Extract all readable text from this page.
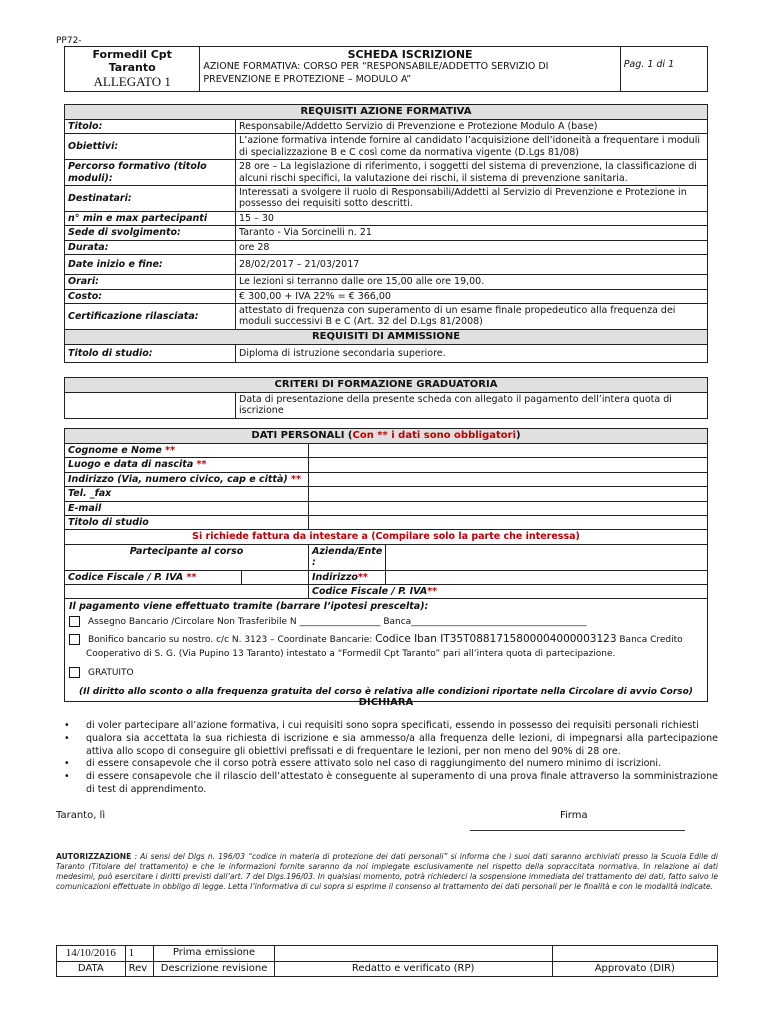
PP72-
Formedil Cpt
Taranto
ALLEGATO 1

SCHEDA ISCRIZIONE
AZIONE FORMATIVA: CORSO PER “RESPONSABILE/ADDETTO SERVIZIO DI PREVENZIONE E PROTEZIONE – MODULO A”
	Pag. 1 di 1
REQUISITI AZIONE FORMATIVA	
Titolo:	Responsabile/Addetto Servizio di Prevenzione e Protezione Modulo A (base)
Obiettivi:	L’azione formativa intende fornire al candidato l’acquisizione dell’idoneità a frequentare i moduli di specializzazione B e C così come da normativa vigente (D.Lgs 81/08)
Percorso formativo (titolo moduli):	28 ore – La legislazione di riferimento, i soggetti del sistema di prevenzione, la classificazione di alcuni rischi specifici, la valutazione dei rischi, il sistema di prevenzione sanitaria.
Destinatari:	Interessati a svolgere il ruolo di Responsabili/Addetti al Servizio di Prevenzione e Protezione in possesso dei requisiti sotto descritti.
n° min e max partecipanti	15 – 30
Sede di svolgimento:	Taranto - Via Sorcinelli n. 21
Durata:	ore 28
Date inizio e fine:	28/02/2017 – 21/03/2017
Orari:	Le lezioni si terranno dalle ore 15,00 alle ore 19,00.
Costo:	€ 300,00 + IVA 22% = € 366,00
Certificazione rilasciata:	attestato di frequenza con superamento di un esame finale propedeutico alla frequenza dei moduli successivi B e C (Art. 32 del D.Lgs 81/2008)
REQUISITI DI AMMISSIONE	
Titolo di studio:	Diploma di istruzione secondaria superiore.
CRITERI DI FORMAZIONE GRADUATORIA
	Data di presentazione della presente scheda con allegato il pagamento dell’intera quota di iscrizione
DATI PERSONALI (Con ** i dati sono obbligatori)			
Cognome e Nome **			
Luogo e data di nascita **			
Indirizzo (Via, numero civico, cap e città) **			
Tel. _fax			
E-mail			
Titolo di studio			
Si richiede fattura da intestare a (Compilare solo la parte che interessa)			
Partecipante al corso		Azienda/Ente :	
Codice Fiscale / P. IVA **		Indirizzo**	
		Codice Fiscale / P. IVA**	

Il pagamento viene effettuato tramite (barrare l’ipotesi prescelta):
Assegno Bancario /Circolare Non Trasferibile N __________________ Banca_______________________________________
Bonifico bancario su nostro. c/c N. 3123 – Coordinate Bancarie: Codice Iban IT35T0881715800004000003123 Banca Credito Cooperativo di S. G. (Via Pupino 13 Taranto) intestato a “Formedil Cpt Taranto” pari all’intera quota di partecipazione.
GRATUITO
(Il diritto allo sconto o alla frequenza gratuita del corso è relativa alle condizioni riportate nella Circolare di avvio Corso)			
DICHIARA
• di voler partecipare all’azione formativa, i cui requisiti sono sopra specificati, essendo in possesso dei requisiti personali richiesti
• qualora sia accettata la sua richiesta di iscrizione e sia ammesso/a alla frequenza delle lezioni, di impegnarsi alla partecipazione attiva allo scopo di conseguire gli obiettivi prefissati e di frequentare le lezioni, per non meno del 90% di 28 ore.
• di essere consapevole che il corso potrà essere attivato solo nel caso di raggiungimento del numero minimo di iscrizioni.
• di essere consapevole che il rilascio dell’attestato è conseguente al superamento di una prova finale attraverso la somministrazione di test di apprendimento.
Taranto, lì	Firma
AUTORIZZAZIONE : Ai sensi del Dlgs n. 196/03 “codice in materia di protezione dei dati personali” si informa che i suoi dati saranno archiviati presso la Scuola Edile di Taranto (Titolare del trattamento) e che le informazioni fornite saranno da noi impiegate esclusivamente nel rispetto della sopraccitata normativa. In relazione ai dati medesimi, può esercitare i diritti previsti dall’art. 7 del Dlgs.196/03. In qualsiasi momento, potrà richiederci la sospensione immediata del trattamento dei dati, fatto salvo le comunicazioni effettuate in obbligo di legge. Letta l’informativa di cui sopra si esprime il consenso al trattamento dei dati personali per le finalità e con le modalità indicate.
14/10/2016	1	Prima emissione		
DATA	Rev	Descrizione revisione	Redatto e verificato (RP)	Approvato (DIR)
